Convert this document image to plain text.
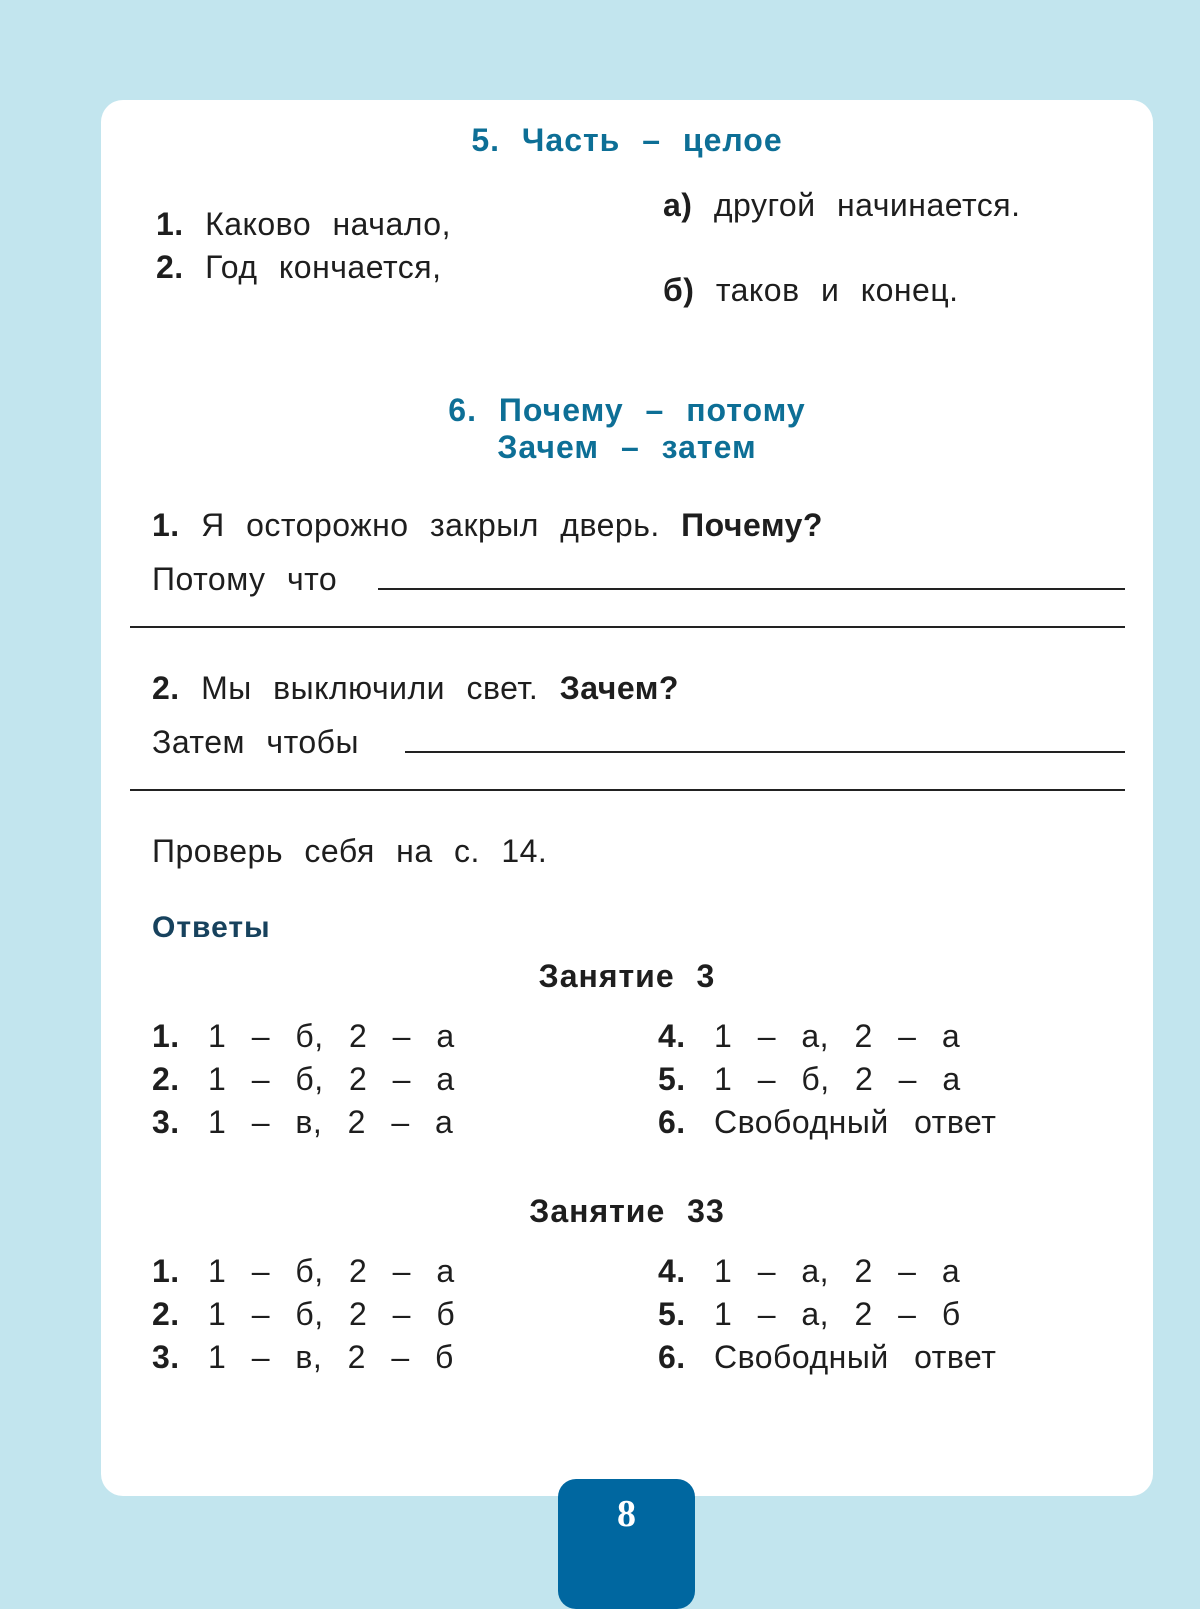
5. Часть – целое
1. Каково начало,
2. Год кончается,
а) другой начинается.
б) таков и конец.
6. Почему – потому
Зачем – затем
1. Я осторожно закрыл дверь. Почему?
Потому что
2. Мы выключили свет. Зачем?
Затем чтобы
Проверь себя на с. 14.
Ответы
Занятие 3
1. 1 – б, 2 – а
2. 1 – б, 2 – а
3. 1 – в, 2 – а
4. 1 – а, 2 – а
5. 1 – б, 2 – а
6. Свободный ответ
Занятие 33
1. 1 – б, 2 – а
2. 1 – б, 2 – б
3. 1 – в, 2 – б
4. 1 – а, 2 – а
5. 1 – а, 2 – б
6. Свободный ответ
8
